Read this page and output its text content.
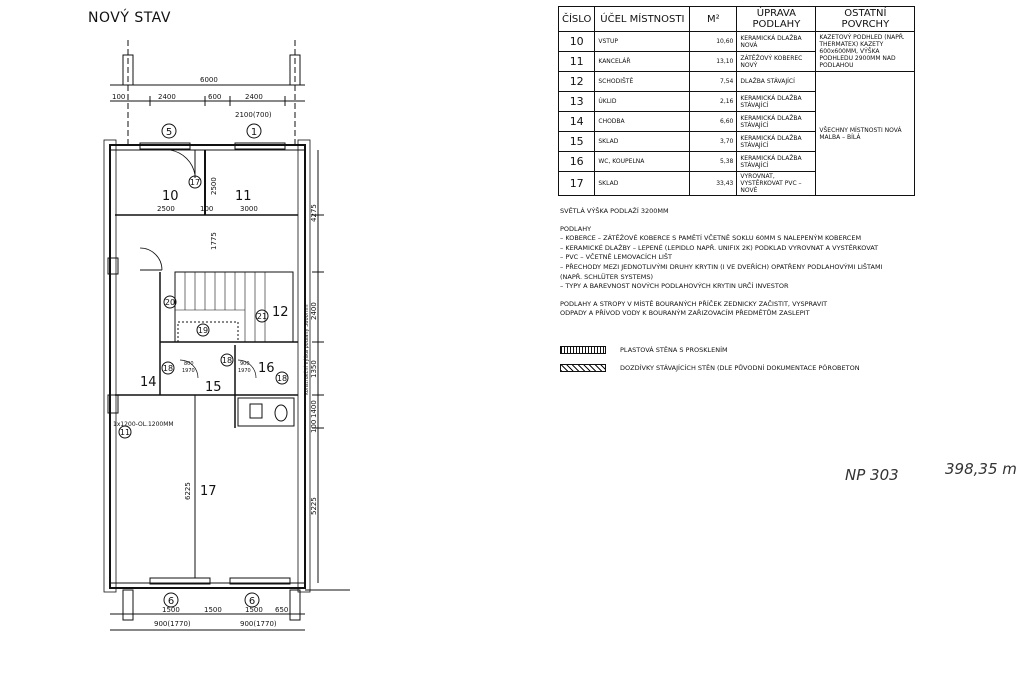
NOVÝ STAV
6000
2400	600	2400
100
2100(700)
2500	100	3000
2500
1775
2400
1350
1400
100
6225
5225
4275
800
1970
900
1970
1x1200-OL.1200MM
1500	1500	1500 650
900(1770)	900(1770)
konstrukční výška podlahy 3600mm
10	11
12
14	15
16
17
5	1
6	6
17
20
21
19
18
18
18
11
ČÍSLO	ÚČEL MÍSTNOSTI	M²	ÚPRAVA PODLAHY	OSTATNÍ POVRCHY
10	VSTUP	10,60	KERAMICKÁ DLAŽBA NOVÁ	KAZETOVÝ PODHLED (NAPŘ. THERMATEX) KAZETY 600x600MM, VÝŠKA PODHLEDU 2900MM NAD PODLAHOU
11	KANCELÁŘ	13,10	ZÁTĚŽOVÝ KOBEREC NOVÝ	
12	SCHODIŠTĚ	7,54	DLAŽBA STÁVAJÍCÍ	VŠECHNY MÍSTNOSTI NOVÁ MALBA – BÍLÁ
13	ÚKLID	2,16	KERAMICKÁ DLAŽBA STÁVAJÍCÍ	
14	CHODBA	6,60	KERAMICKÁ DLAŽBA STÁVAJÍCÍ	
15	SKLAD	3,70	KERAMICKÁ DLAŽBA STÁVAJÍCÍ	
16	WC, KOUPELNA	5,38	KERAMICKÁ DLAŽBA STÁVAJÍCÍ	
17	SKLAD	33,43	VYROVNAT, VYSTĚRKOVAT PVC – NOVÉ	
SVĚTLÁ VÝŠKA PODLAŽÍ 3200MM
PODLAHY
– KOBERCE – ZÁTĚŽOVÉ KOBERCE S PAMĚTÍ VČETNĚ SOKLU 60MM S NALEPENÝM KOBERCEM
– KERAMICKÉ DLAŽBY – LEPENÉ (LEPIDLO NAPŘ. UNIFIX 2K) PODKLAD VYROVNAT A VYSTĚRKOVAT
– PVC – VČETNĚ LEMOVACÍCH LIŠT
– PŘECHODY MEZI JEDNOTLIVÝMI DRUHY KRYTIN (I VE DVEŘÍCH) OPATŘENY PODLAHOVÝMI LIŠTAMI
(NAPŘ. SCHLÜTER SYSTEMS)
– TYPY A BAREVNOST NOVÝCH PODLAHOVÝCH KRYTIN URČÍ INVESTOR
PODLAHY A STROPY V MÍSTĚ BOURANÝCH PŘÍČEK ZEDNICKY ZAČISTIT, VYSPRAVIT
ODPADY A PŘÍVOD VODY K BOURANÝM ZAŘIZOVACÍM PŘEDMĚTŮM ZASLEPIT
PLASTOVÁ STĚNA S PROSKLENÍM
DOZDÍVKY STÁVAJÍCÍCH STĚN (DLE PŮVODNÍ DOKUMENTACE PÓROBETON
NP 303	398,35 m
